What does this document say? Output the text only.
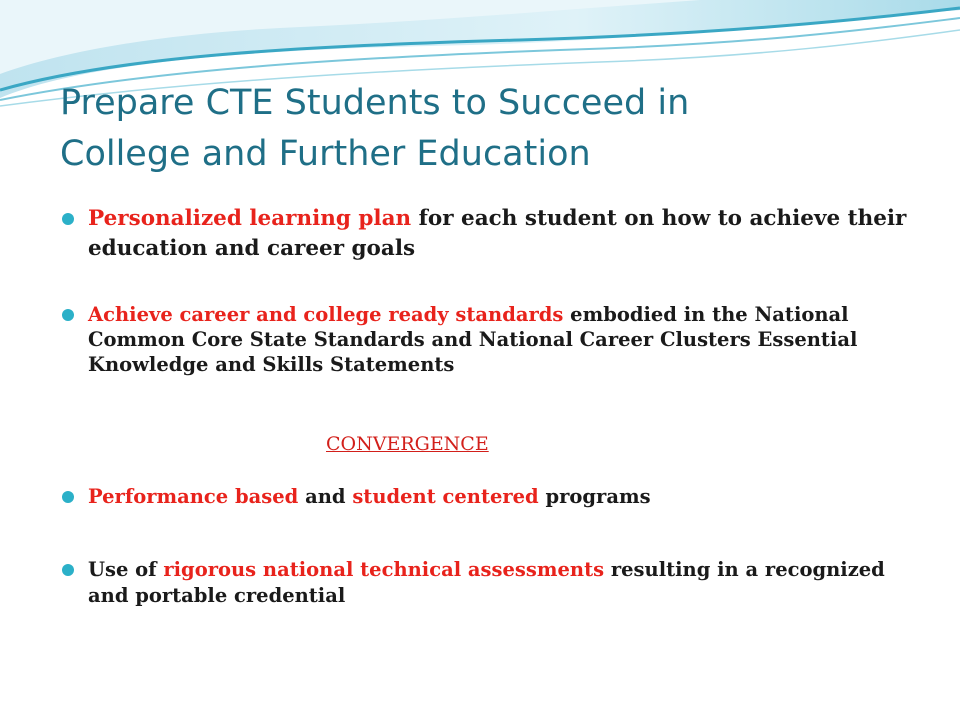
Prepare CTE Students to Succeed in
College and Further Education
Personalized learning plan for each student on how to achieve their education and career goals
Achieve career and college ready standards embodied in the National Common Core State Standards and National Career Clusters Essential Knowledge and Skills Statements
Performance based and student centered programs
Use of rigorous national technical assessments resulting in a recognized and portable credential
CONVERGENCE
